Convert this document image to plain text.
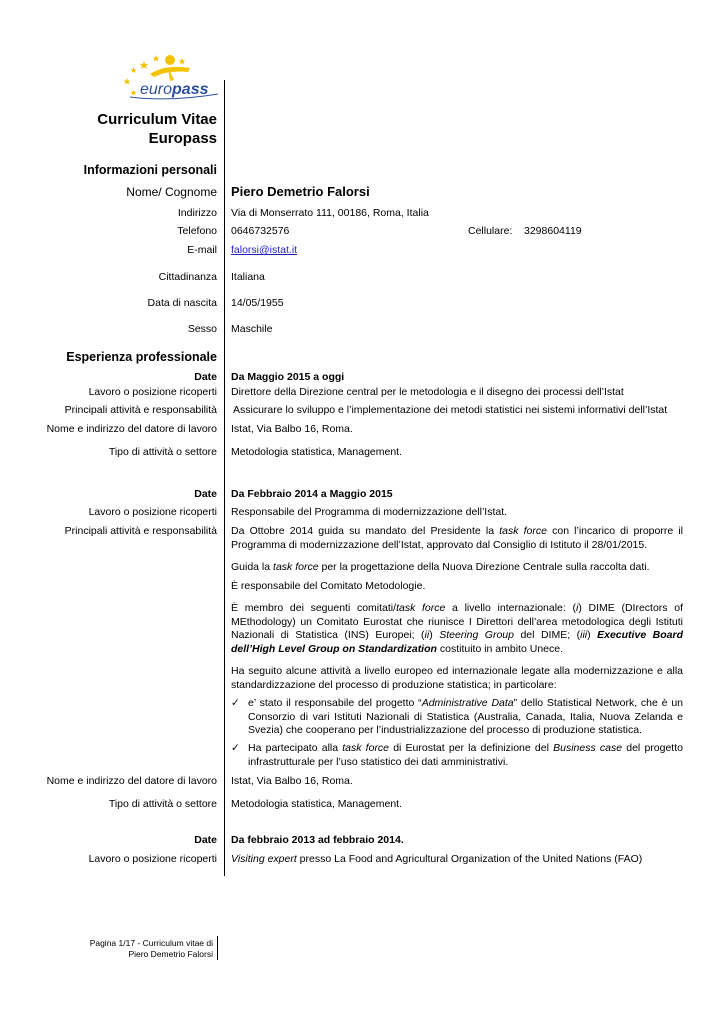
europass
Curriculum Vitae
Europass
Informazioni personali
Nome/ Cognome Piero Demetrio Falorsi
Indirizzo Via di Monserrato 111, 00186, Roma, Italia
Telefono 0646732576	Cellulare: 3298604119
E-mail falorsi@istat.it
Cittadinanza Italiana
Data di nascita 14/05/1955
Sesso Maschile
Esperienza professionale
Date Da Maggio 2015 a oggi
Lavoro o posizione ricoperti Direttore della Direzione central per le metodologia e il disegno dei processi dell’Istat
Principali attività e responsabilità Assicurare lo sviluppo e l’implementazione dei metodi statistici nei sistemi informativi dell’Istat
Nome e indirizzo del datore di lavoro Istat, Via Balbo 16, Roma.
Tipo di attività o settore Metodologia statistica, Management.
Date Da Febbraio 2014 a Maggio 2015
Lavoro o posizione ricoperti Responsabile del Programma di modernizzazione dell’Istat.
Principali attività e responsabilità Da Ottobre 2014 guida su mandato del Presidente la task force con l’incarico di proporre il Programma di modernizzazione dell’Istat, approvato dal Consiglio di Istituto il 28/01/2015.
Guida la task force per la progettazione della Nuova Direzione Centrale sulla raccolta dati.
È responsabile del Comitato Metodologie.
È membro dei seguenti comitati/task force a livello internazionale: (i) DIME (DIrectors of MEthodology) un Comitato Eurostat che riunisce I Direttori dell’area metodologica degli Istituti Nazionali di Statistica (INS) Europei; (ii) Steering Group del DIME; (iii) Executive Board dell’High Level Group on Standardization costituito in ambito Unece.
Ha seguito alcune attività a livello europeo ed internazionale legate alla modernizzazione e alla standardizzazione del processo di produzione statistica; in particolare:
✓ e’ stato il responsabile del progetto “Administrative Data” dello Statistical Network, che è un Consorzio di vari Istituti Nazionali di Statistica (Australia, Canada, Italia, Nuova Zelanda e Svezia) che cooperano per l’industrializzazione del processo di produzione statistica.
✓ Ha partecipato alla task force di Eurostat per la definizione del Business case del progetto infrastrutturale per l’uso statistico dei dati amministrativi.
Nome e indirizzo del datore di lavoro Istat, Via Balbo 16, Roma.
Tipo di attività o settore Metodologia statistica, Management.
Date Da febbraio 2013 ad febbraio 2014.
Lavoro o posizione ricoperti Visiting expert presso La Food and Agricultural Organization of the United Nations (FAO)
Pagina 1/17 - Curriculum vitae di
Piero Demetrio Falorsi
